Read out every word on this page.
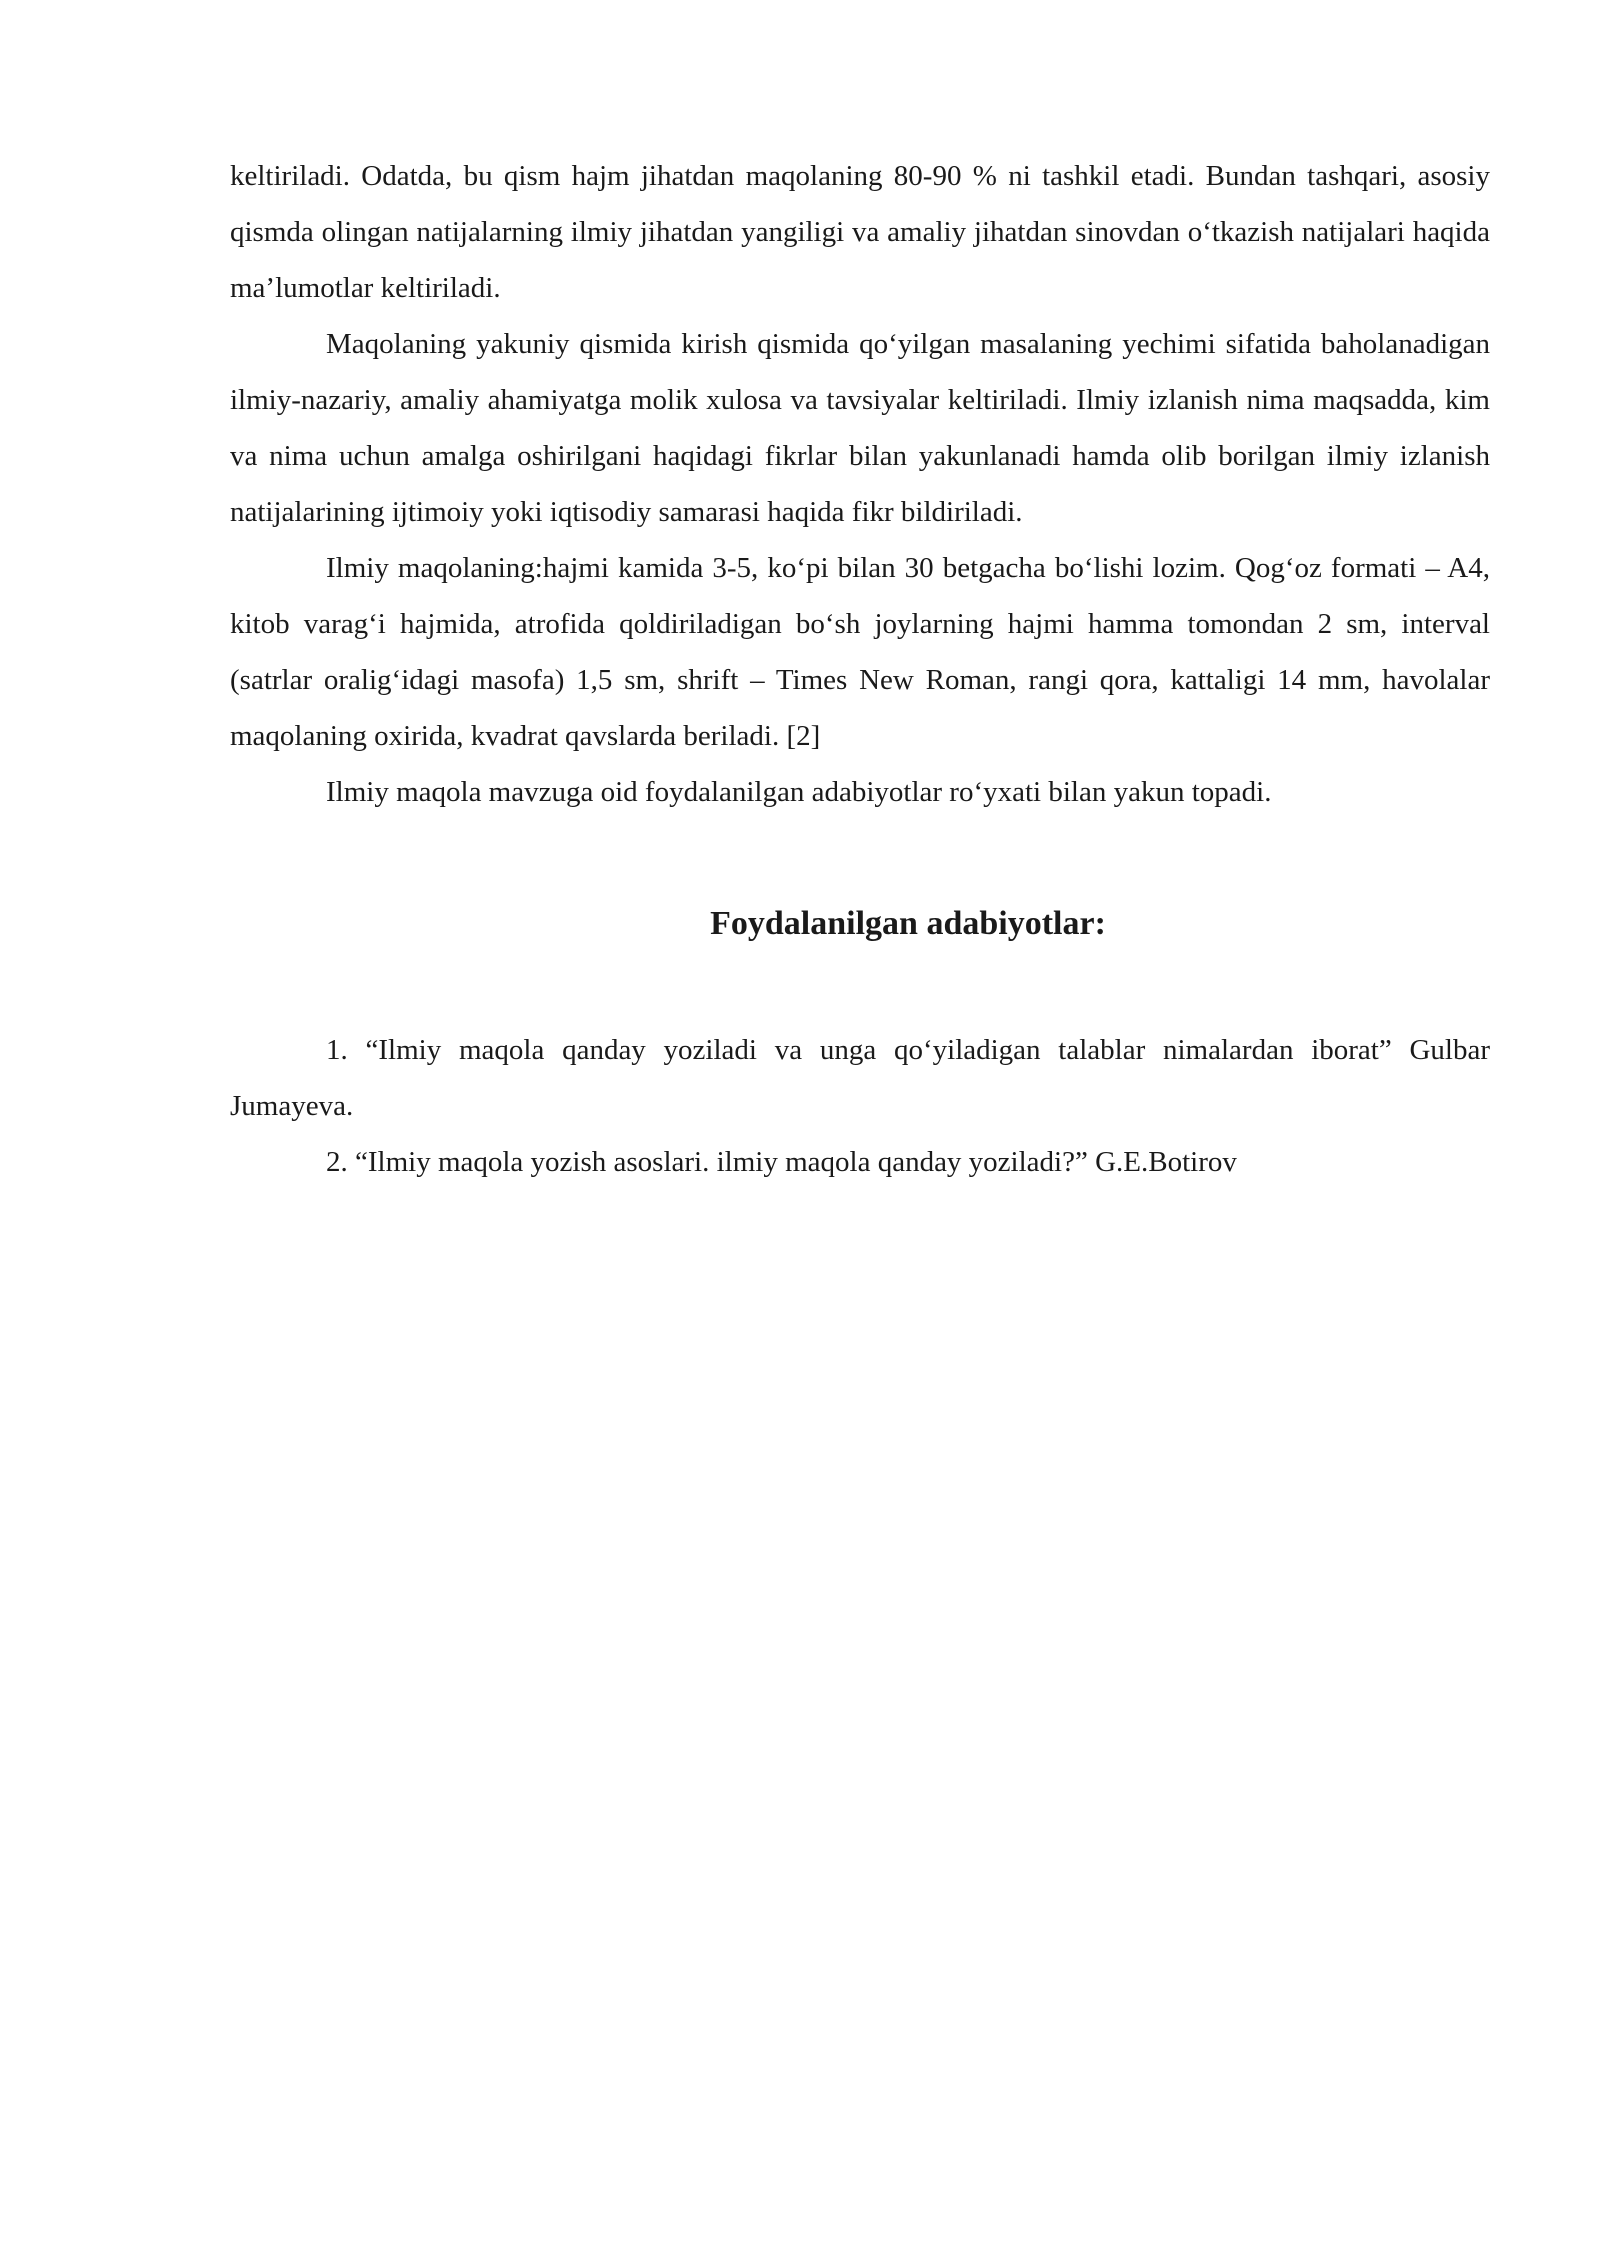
keltiriladi. Odatda, bu qism hajm jihatdan maqolaning 80-90 % ni tashkil etadi. Bundan tashqari, asosiy qismda olingan natijalarning ilmiy jihatdan yangiligi va amaliy jihatdan sinovdan o‘tkazish natijalari haqida ma’lumotlar keltiriladi.

Maqolaning yakuniy qismida kirish qismida qo‘yilgan masalaning yechimi sifatida baholanadigan ilmiy-nazariy, amaliy ahamiyatga molik xulosa va tavsiyalar keltiriladi. Ilmiy izlanish nima maqsadda, kim va nima uchun amalga oshirilgani haqidagi fikrlar bilan yakunlanadi hamda olib borilgan ilmiy izlanish natijalarining ijtimoiy yoki iqtisodiy samarasi haqida fikr bildiriladi.

Ilmiy maqolaning:hajmi kamida 3-5, ko‘pi bilan 30 betgacha bo‘lishi lozim. Qog‘oz formati – A4, kitob varag‘i hajmida, atrofida qoldiriladigan bo‘sh joylarning hajmi hamma tomondan 2 sm, interval (satrlar oralig‘idagi masofa) 1,5 sm, shrift – Times New Roman, rangi qora, kattaligi 14 mm, havolalar maqolaning oxirida, kvadrat qavslarda beriladi. [2]

Ilmiy maqola mavzuga oid foydalanilgan adabiyotlar ro‘yxati bilan yakun topadi.

Foydalanilgan adabiyotlar:

1. “Ilmiy maqola qanday yoziladi va unga qo‘yiladigan talablar nimalardan iborat” Gulbar Jumayeva.

2. “Ilmiy maqola yozish asoslari. ilmiy maqola qanday yoziladi?” G.E.Botirov
